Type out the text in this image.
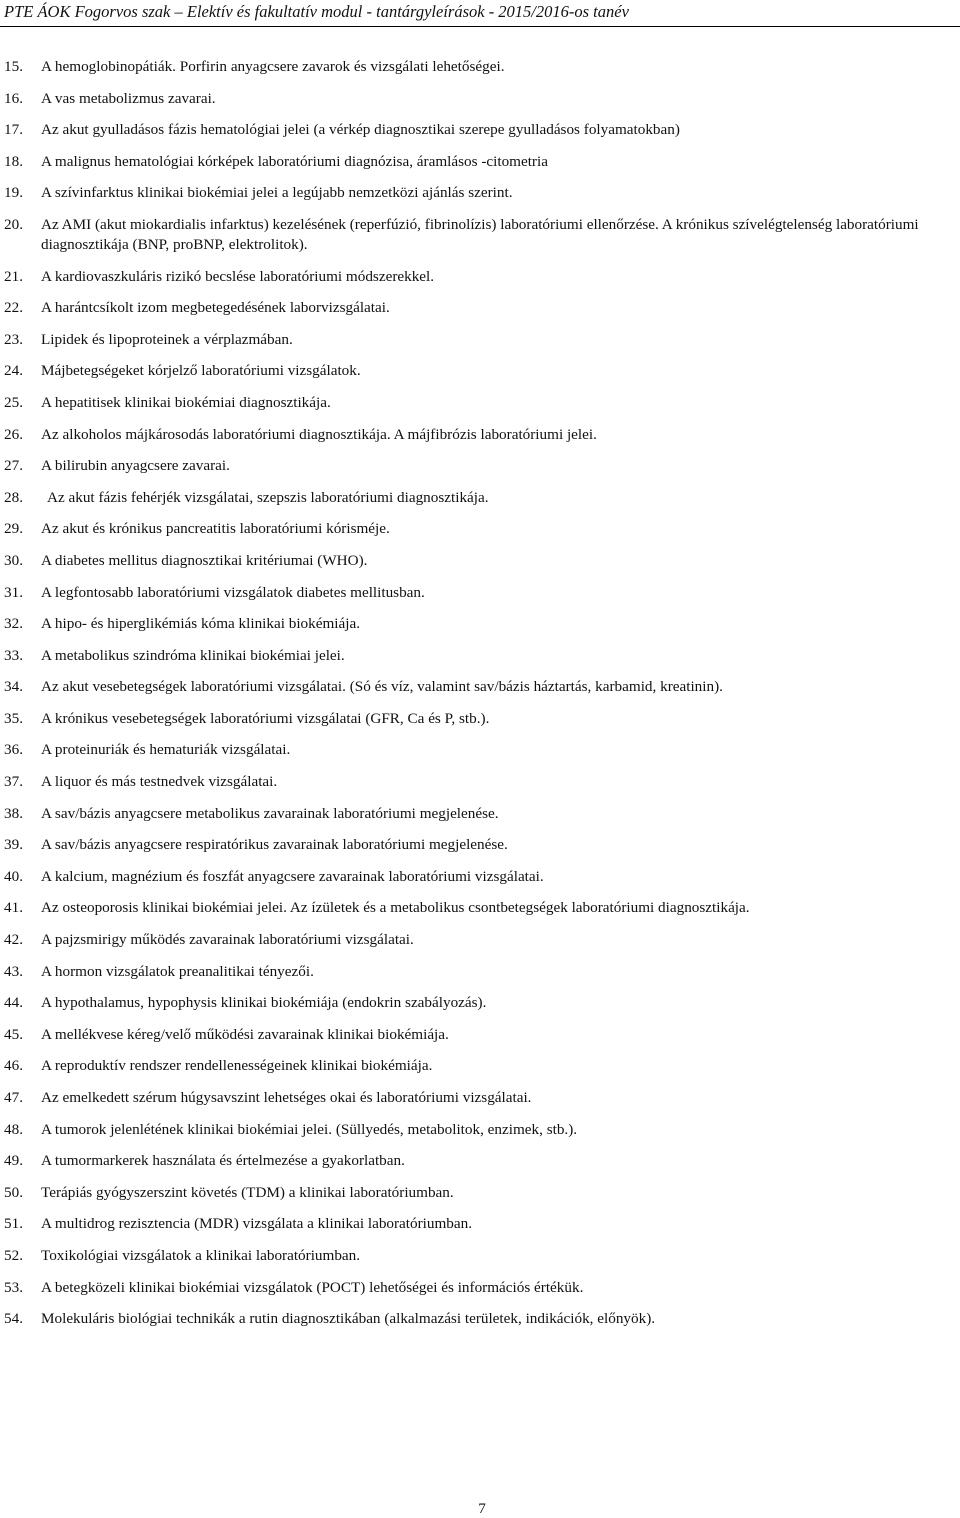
PTE ÁOK Fogorvos szak – Elektív és fakultatív modul - tantárgyleírások - 2015/2016-os tanév
15.	A hemoglobinopátiák. Porfirin anyagcsere zavarok és vizsgálati lehetőségei.
16.	A vas metabolizmus zavarai.
17.	Az akut gyulladásos fázis hematológiai jelei (a vérkép diagnosztikai szerepe gyulladásos folyamatokban)
18.	A malignus hematológiai kórképek laboratóriumi diagnózisa, áramlásos -citometria
19.	A szívinfarktus klinikai biokémiai jelei a legújabb nemzetközi ajánlás szerint.
20.	Az AMI (akut miokardialis infarktus) kezelésének (reperfúzió, fibrinolízis) laboratóriumi ellenőrzése. A krónikus szívelégtelenség laboratóriumi diagnosztikája (BNP, proBNP, elektrolitok).
21.	A kardiovaszkuláris rizikó becslése laboratóriumi módszerekkel.
22.	A harántcsíkolt izom megbetegedésének laborvizsgálatai.
23.	Lipidek és lipoproteinek a vérplazmában.
24.	Májbetegségeket kórjelző laboratóriumi vizsgálatok.
25.	A hepatitisek klinikai biokémiai diagnosztikája.
26.	Az alkoholos májkárosodás laboratóriumi diagnosztikája. A májfibrózis laboratóriumi jelei.
27.	A bilirubin anyagcsere zavarai.
28.	Az akut fázis fehérjék vizsgálatai, szepszis laboratóriumi diagnosztikája.
29.	Az akut és krónikus pancreatitis laboratóriumi kórisméje.
30.	A diabetes mellitus diagnosztikai kritériumai (WHO).
31.	A legfontosabb laboratóriumi vizsgálatok diabetes mellitusban.
32.	A hipo- és hiperglikémiás kóma klinikai biokémiája.
33.	A metabolikus szindróma klinikai biokémiai jelei.
34.	Az akut vesebetegségek laboratóriumi vizsgálatai. (Só és víz, valamint sav/bázis háztartás, karbamid, kreatinin).
35.	A krónikus vesebetegségek laboratóriumi vizsgálatai (GFR, Ca és P, stb.).
36.	A proteinuriák és hematuriák vizsgálatai.
37.	A liquor és más testnedvek vizsgálatai.
38.	A sav/bázis anyagcsere metabolikus zavarainak laboratóriumi megjelenése.
39.	A sav/bázis anyagcsere respiratórikus zavarainak laboratóriumi megjelenése.
40.	A kalcium, magnézium és foszfát anyagcsere zavarainak laboratóriumi vizsgálatai.
41.	Az osteoporosis klinikai biokémiai jelei. Az ízületek és a metabolikus csontbetegségek laboratóriumi diagnosztikája.
42.	A pajzsmirigy működés zavarainak laboratóriumi vizsgálatai.
43.	A hormon vizsgálatok preanalitikai tényezői.
44.	A hypothalamus, hypophysis klinikai biokémiája (endokrin szabályozás).
45.	A mellékvese kéreg/velő működési zavarainak klinikai biokémiája.
46.	A reproduktív rendszer rendellenességeinek klinikai biokémiája.
47.	Az emelkedett szérum húgysavszint lehetséges okai és laboratóriumi vizsgálatai.
48.	A tumorok jelenlétének klinikai biokémiai jelei. (Süllyedés, metabolitok, enzimek, stb.).
49.	A tumormarkerek használata és értelmezése a gyakorlatban.
50.	Terápiás gyógyszerszint követés (TDM) a klinikai laboratóriumban.
51.	A multidrog rezisztencia (MDR) vizsgálata a klinikai laboratóriumban.
52.	Toxikológiai vizsgálatok a klinikai laboratóriumban.
53.	A betegközeli klinikai biokémiai vizsgálatok (POCT) lehetőségei és információs értékük.
54.	Molekuláris biológiai technikák a rutin diagnosztikában (alkalmazási területek, indikációk, előnyök).
7
